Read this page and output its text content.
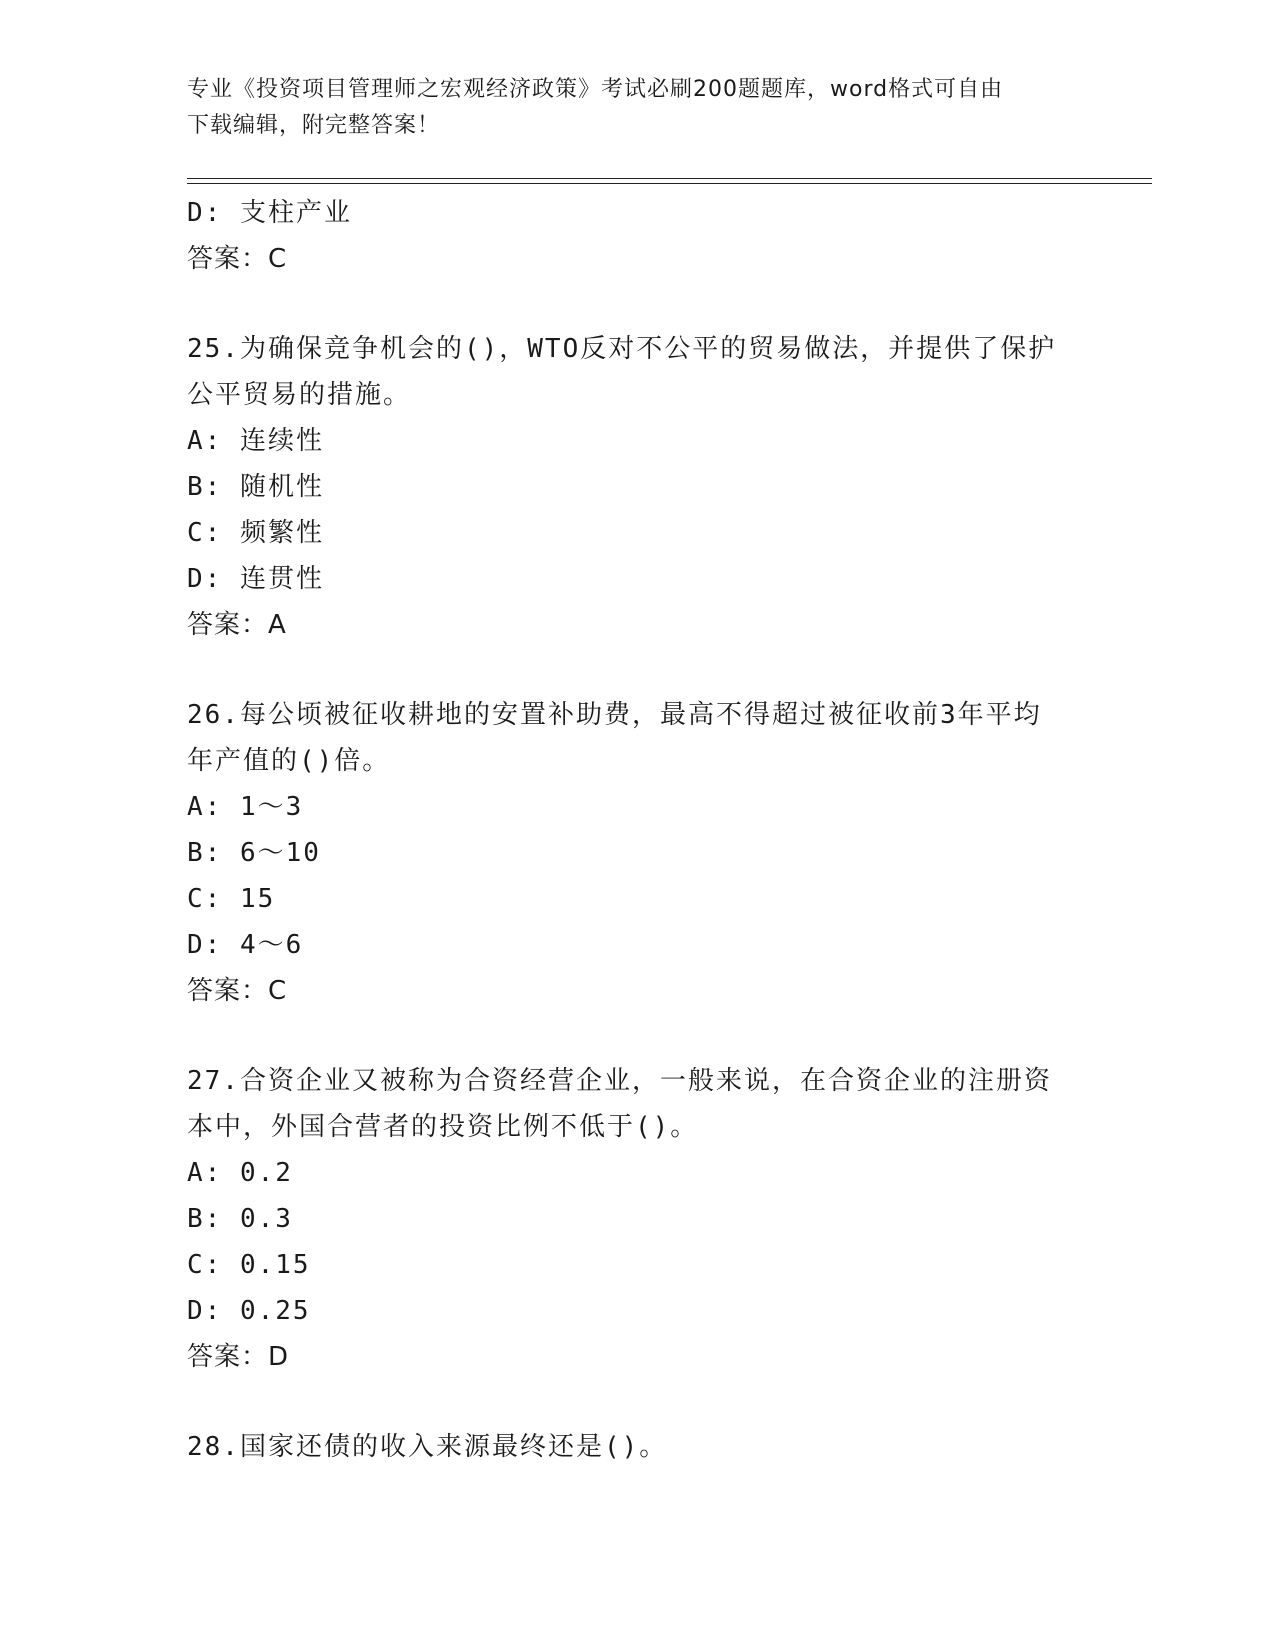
专业《投资项目管理师之宏观经济政策》考试必刷200题题库，word格式可自由
下载编辑，附完整答案！
D: 支柱产业
答案：C
25.为确保竞争机会的()，WTO反对不公平的贸易做法，并提供了保护
公平贸易的措施。
A: 连续性
B: 随机性
C: 频繁性
D: 连贯性
答案：A
26.每公顷被征收耕地的安置补助费，最高不得超过被征收前3年平均
年产值的()倍。
A: 1～3
B: 6～10
C: 15
D: 4～6
答案：C
27.合资企业又被称为合资经营企业，一般来说，在合资企业的注册资
本中，外国合营者的投资比例不低于()。
A: 0.2
B: 0.3
C: 0.15
D: 0.25
答案：D
28.国家还债的收入来源最终还是()。
